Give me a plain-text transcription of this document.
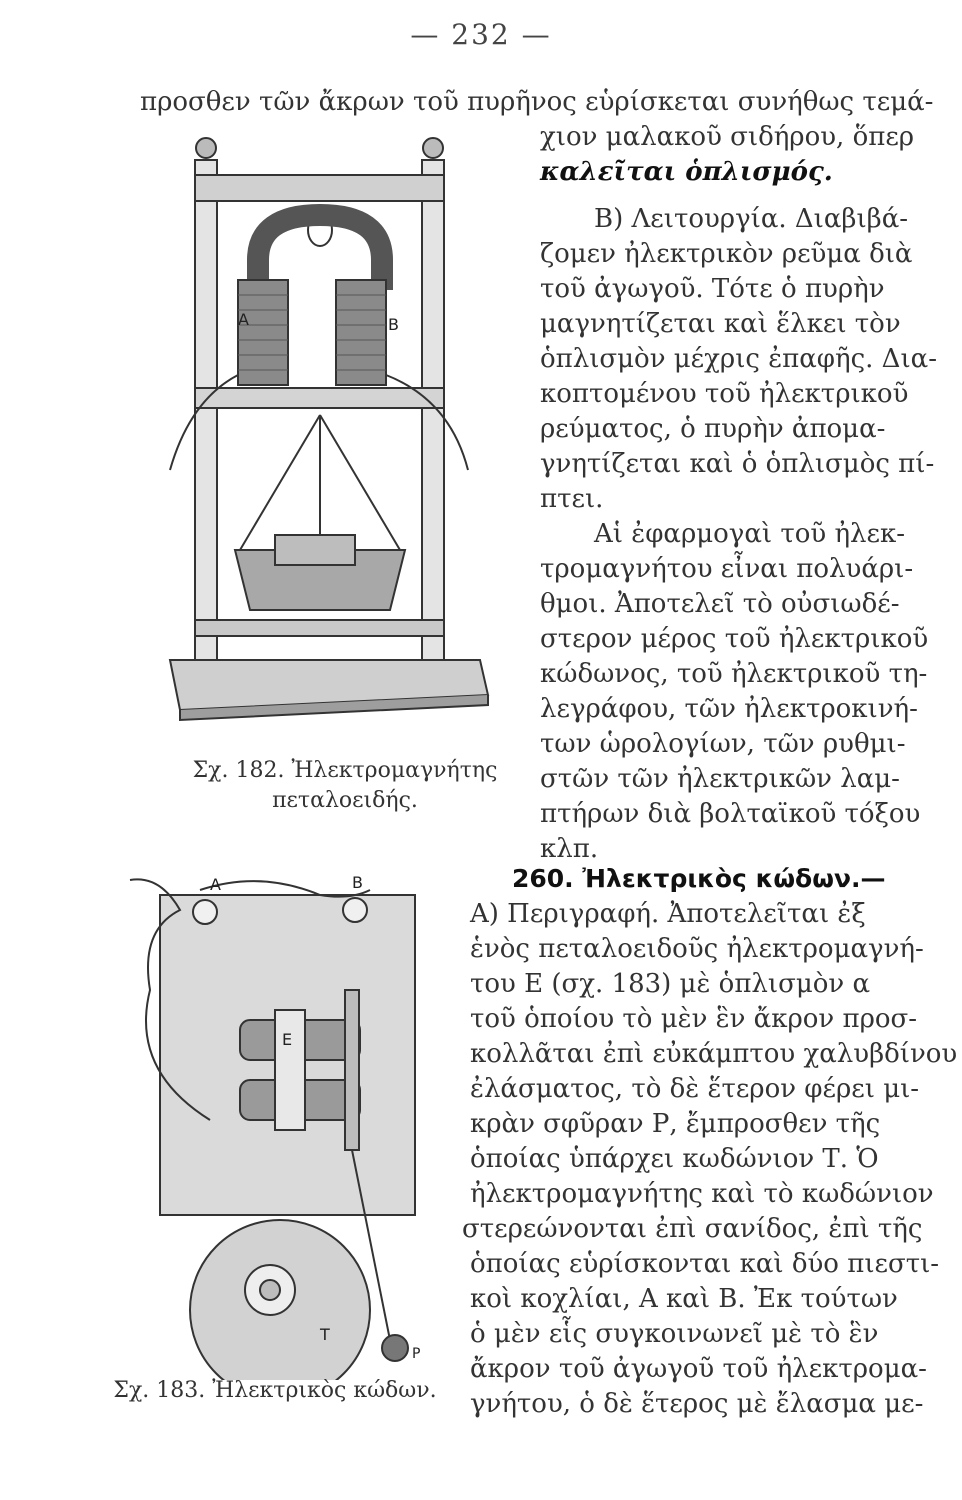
— 232 —
προσθεν τῶν ἄκρων τοῦ πυρῆνος εὑρίσκεται συνήθως τεμά-
χιον μαλακοῦ σιδήρου, ὅπερ
καλεῖται ὁπλισμός.
Β) Λειτουργία. Διαβιβά-
ζομεν ἠλεκτρικὸν ρεῦμα διὰ
τοῦ ἀγωγοῦ. Τότε ὁ πυρὴν
μαγνητίζεται καὶ ἕλκει τὸν
ὁπλισμὸν μέχρις ἐπαφῆς. Δια-
κοπτομένου τοῦ ἠλεκτρικοῦ
ρεύματος, ὁ πυρὴν ἀπομα-
γνητίζεται καὶ ὁ ὁπλισμὸς πί-
πτει.
Αἱ ἐφαρμογαὶ τοῦ ἠλεκ-
τρομαγνήτου εἶναι πολυάρι-
θμοι. Ἀποτελεῖ τὸ οὐσιωδέ-
στερον μέρος τοῦ ἠλεκτρικοῦ
κώδωνος, τοῦ ἠλεκτρικοῦ τη-
λεγράφου, τῶν ἠλεκτροκινή-
των ὡρολογίων, τῶν ρυθμι-
στῶν τῶν ἠλεκτρικῶν λαμ-
πτήρων διὰ βολταϊκοῦ τόξου
κλπ.
260. Ἠλεκτρικὸς κώδων.—
Α) Περιγραφή. Ἀποτελεῖται ἐξ
ἑνὸς πεταλοειδοῦς ἠλεκτρομαγνή-
του Ε (σχ. 183) μὲ ὁπλισμὸν α
τοῦ ὁποίου τὸ μὲν ἓν ἄκρον προσ-
κολλᾶται ἐπὶ εὐκάμπτου χαλυβδίνου
ἐλάσματος, τὸ δὲ ἕτερον φέρει μι-
κρὰν σφῦραν Ρ, ἔμπροσθεν τῆς
ὁποίας ὑπάρχει κωδώνιον Τ. Ὁ
ἠλεκτρομαγνήτης καὶ τὸ κωδώνιον
στερεώνονται ἐπὶ σανίδος, ἐπὶ τῆς
ὁποίας εὑρίσκονται καὶ δύο πιεστι-
κοὶ κοχλίαι, Α καὶ Β. Ἐκ τούτων
ὁ μὲν εἷς συγκοινωνεῖ μὲ τὸ ἓν
ἄκρον τοῦ ἀγωγοῦ τοῦ ἠλεκτρομα-
γνήτου, ὁ δὲ ἕτερος μὲ ἔλασμα με-
Α	Β
Σχ. 182. Ἠλεκτρομαγνήτης
πεταλοειδής.
Α	Β
Ε
Τ
Ρ
Σχ. 183. Ἠλεκτρικὸς κώδων.
